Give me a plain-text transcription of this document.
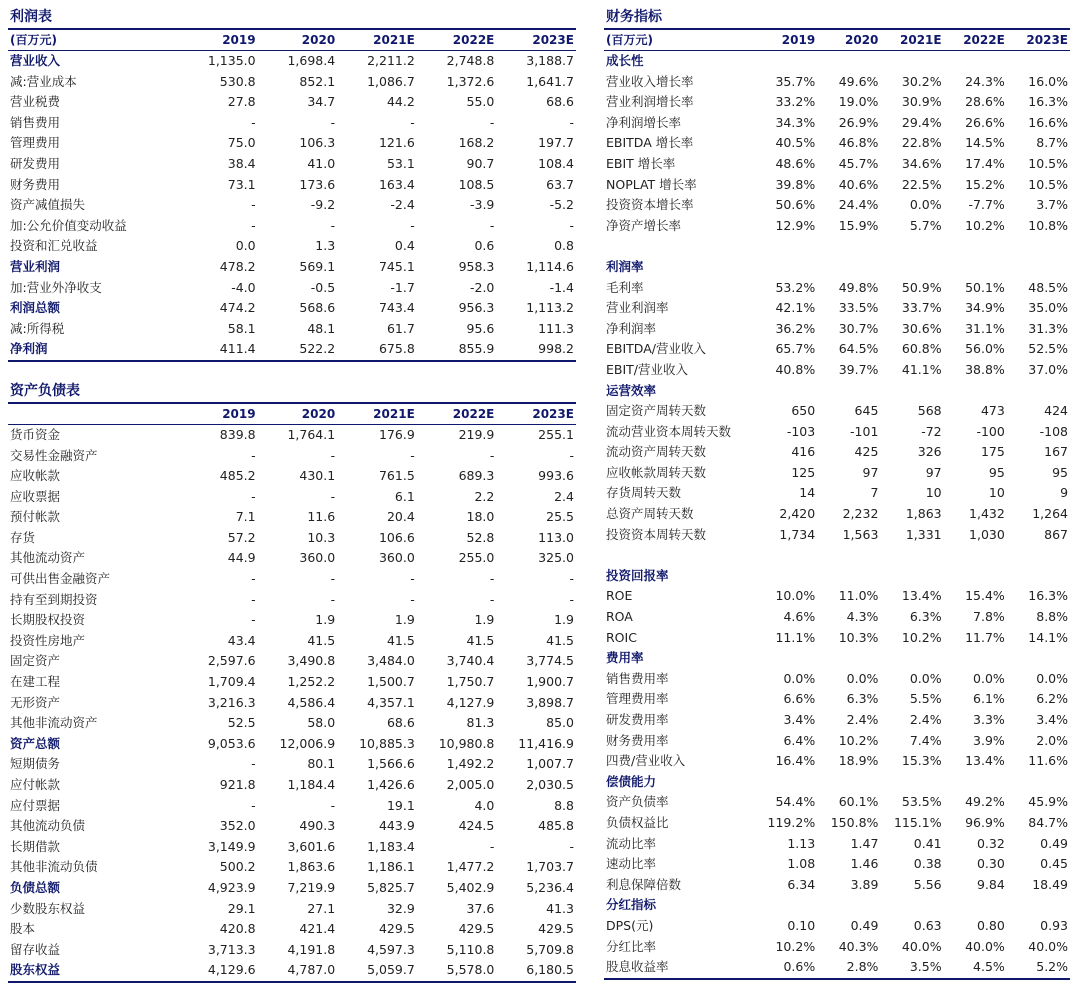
利润表
(百万元)	2019	2020	2021E	2022E	2023E
营业收入	1,135.0	1,698.4	2,211.2	2,748.8	3,188.7
减:营业成本	530.8	852.1	1,086.7	1,372.6	1,641.7
营业税费	27.8	34.7	44.2	55.0	68.6
销售费用	-	-	-	-	-
管理费用	75.0	106.3	121.6	168.2	197.7
研发费用	38.4	41.0	53.1	90.7	108.4
财务费用	73.1	173.6	163.4	108.5	63.7
资产减值损失	-	-9.2	-2.4	-3.9	-5.2
加:公允价值变动收益	-	-	-	-	-
投资和汇兑收益	0.0	1.3	0.4	0.6	0.8
营业利润	478.2	569.1	745.1	958.3	1,114.6
加:营业外净收支	-4.0	-0.5	-1.7	-2.0	-1.4
利润总额	474.2	568.6	743.4	956.3	1,113.2
减:所得税	58.1	48.1	61.7	95.6	111.3
净利润	411.4	522.2	675.8	855.9	998.2
资产负债表
2019	2020	2021E	2022E	2023E
货币资金	839.8	1,764.1	176.9	219.9	255.1
交易性金融资产	-	-	-	-	-
应收帐款	485.2	430.1	761.5	689.3	993.6
应收票据	-	-	6.1	2.2	2.4
预付帐款	7.1	11.6	20.4	18.0	25.5
存货	57.2	10.3	106.6	52.8	113.0
其他流动资产	44.9	360.0	360.0	255.0	325.0
可供出售金融资产	-	-	-	-	-
持有至到期投资	-	-	-	-	-
长期股权投资	-	1.9	1.9	1.9	1.9
投资性房地产	43.4	41.5	41.5	41.5	41.5
固定资产	2,597.6	3,490.8	3,484.0	3,740.4	3,774.5
在建工程	1,709.4	1,252.2	1,500.7	1,750.7	1,900.7
无形资产	3,216.3	4,586.4	4,357.1	4,127.9	3,898.7
其他非流动资产	52.5	58.0	68.6	81.3	85.0
资产总额	9,053.6	12,006.9	10,885.3	10,980.8	11,416.9
短期债务	-	80.1	1,566.6	1,492.2	1,007.7
应付帐款	921.8	1,184.4	1,426.6	2,005.0	2,030.5
应付票据	-	-	19.1	4.0	8.8
其他流动负债	352.0	490.3	443.9	424.5	485.8
长期借款	3,149.9	3,601.6	1,183.4	-	-
其他非流动负债	500.2	1,863.6	1,186.1	1,477.2	1,703.7
负债总额	4,923.9	7,219.9	5,825.7	5,402.9	5,236.4
少数股东权益	29.1	27.1	32.9	37.6	41.3
股本	420.8	421.4	429.5	429.5	429.5
留存收益	3,713.3	4,191.8	4,597.3	5,110.8	5,709.8
股东权益	4,129.6	4,787.0	5,059.7	5,578.0	6,180.5
财务指标
(百万元)	2019	2020	2021E	2022E	2023E
成长性
营业收入增长率	35.7%	49.6%	30.2%	24.3%	16.0%
营业利润增长率	33.2%	19.0%	30.9%	28.6%	16.3%
净利润增长率	34.3%	26.9%	29.4%	26.6%	16.6%
EBITDA 增长率	40.5%	46.8%	22.8%	14.5%	8.7%
EBIT 增长率	48.6%	45.7%	34.6%	17.4%	10.5%
NOPLAT 增长率	39.8%	40.6%	22.5%	15.2%	10.5%
投资资本增长率	50.6%	24.4%	0.0%	-7.7%	3.7%
净资产增长率	12.9%	15.9%	5.7%	10.2%	10.8%
利润率
毛利率	53.2%	49.8%	50.9%	50.1%	48.5%
营业利润率	42.1%	33.5%	33.7%	34.9%	35.0%
净利润率	36.2%	30.7%	30.6%	31.1%	31.3%
EBITDA/营业收入	65.7%	64.5%	60.8%	56.0%	52.5%
EBIT/营业收入	40.8%	39.7%	41.1%	38.8%	37.0%
运营效率
固定资产周转天数	650	645	568	473	424
流动营业资本周转天数	-103	-101	-72	-100	-108
流动资产周转天数	416	425	326	175	167
应收帐款周转天数	125	97	97	95	95
存货周转天数	14	7	10	10	9
总资产周转天数	2,420	2,232	1,863	1,432	1,264
投资资本周转天数	1,734	1,563	1,331	1,030	867
投资回报率
ROE	10.0%	11.0%	13.4%	15.4%	16.3%
ROA	4.6%	4.3%	6.3%	7.8%	8.8%
ROIC	11.1%	10.3%	10.2%	11.7%	14.1%
费用率
销售费用率	0.0%	0.0%	0.0%	0.0%	0.0%
管理费用率	6.6%	6.3%	5.5%	6.1%	6.2%
研发费用率	3.4%	2.4%	2.4%	3.3%	3.4%
财务费用率	6.4%	10.2%	7.4%	3.9%	2.0%
四费/营业收入	16.4%	18.9%	15.3%	13.4%	11.6%
偿债能力
资产负债率	54.4%	60.1%	53.5%	49.2%	45.9%
负债权益比	119.2%	150.8%	115.1%	96.9%	84.7%
流动比率	1.13	1.47	0.41	0.32	0.49
速动比率	1.08	1.46	0.38	0.30	0.45
利息保障倍数	6.34	3.89	5.56	9.84	18.49
分红指标
DPS(元)	0.10	0.49	0.63	0.80	0.93
分红比率	10.2%	40.3%	40.0%	40.0%	40.0%
股息收益率	0.6%	2.8%	3.5%	4.5%	5.2%
